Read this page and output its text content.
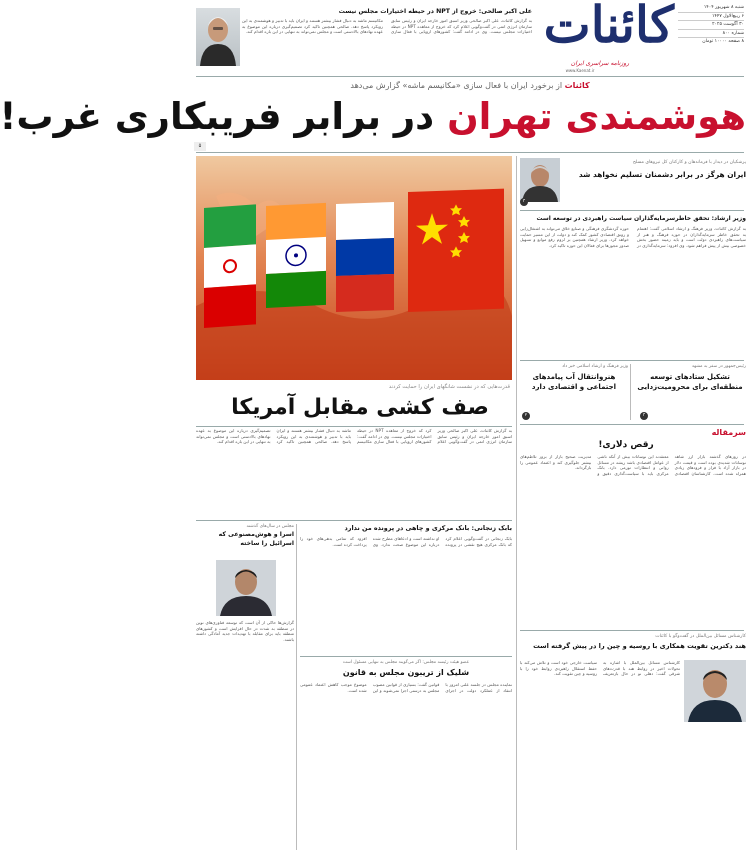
شنبه ۸ شهریور ۱۴۰۴
۶ ربیع‌الاول ۱۴۴۷
۳۰ آگوست ۲۰۲۵
شماره ۸۰۰
۸ صفحه ۱۰۰۰۰ تومان
کائنات
روزنامه سراسری ایران
www.Kaenat.ir
علی اکبر صالحی: خروج از NPT در حیطه اختیارات مجلس نیست
به گزارش کائنات، علی اکبر صالحی وزیر اسبق امور خارجه ایران و رئیس سابق سازمان انرژی اتمی در گفت‌وگویی اعلام کرد که خروج از معاهده NPT در حیطه اختیارات مجلس نیست. وی در ادامه گفت: کشورهای اروپایی با فعال سازی مکانیسم ماشه به دنبال فشار بیشتر هستند و ایران باید با تدبیر و هوشمندی به این رویکرد پاسخ دهد. صالحی همچنین تاکید کرد تصمیم‌گیری درباره این موضوع به عهده نهادهای بالادستی است و مجلس نمی‌تواند به تنهایی در این باره اقدام کند.
کائنات از برخورد ایران با فعال سازی «مکانیسم ماشه» گزارش می‌دهد
هوشمندی تهران در برابر فریبکاری غرب!
۵
قدرت‌هایی که در نشست شانگهای ایران را حمایت کردند
صف کشی مقابل آمریکا
پزشکیان در دیدار با فرماندهان و کارکنان کل نیروهای مسلح
ایران هرگز در برابر دشمنان تسلیم نخواهد شد
۳
وزیر ارشاد: تحقق خاطرسرمایه‌گذاران سیاست راهبردی در توسعه است
به گزارش کائنات، وزیر فرهنگ و ارشاد اسلامی گفت: اهتمام به تحقق خاطر سرمایه‌گذاران در حوزه فرهنگ و هنر از سیاست‌های راهبردی دولت است و باید زمینه حضور بخش خصوصی بیش از پیش فراهم شود. وی افزود: سرمایه‌گذاری در حوزه گردشگری فرهنگی و صنایع خلاق می‌تواند به اشتغال‌زایی و رونق اقتصادی کشور کمک کند و دولت از این مسیر حمایت خواهد کرد. وزیر ارشاد همچنین بر لزوم رفع موانع و تسهیل صدور مجوزها برای فعالان این حوزه تاکید کرد.
رئیس‌جمهور در سفر به مشهد
تشکیل ستادهای توسعه منطقه‌ای برای محرومیت‌زدایی
۳
وزیر فرهنگ و ارشاد اسلامی خبر داد
هنروانتقال آب پیامدهای اجتماعی و اقتصادی دارد
۲
سرمقاله
رقص دلاری!
در روزهای گذشته بازار ارز شاهد نوسانات شدیدی بوده است و قیمت دلار در بازار آزاد با فراز و فرودهای زیادی همراه شده است. کارشناسان اقتصادی معتقدند این نوسانات بیش از آنکه ناشی از عوامل اقتصادی باشد ریشه در مسائل روانی و انتظارات تورمی دارد. بانک مرکزی باید با سیاست‌گذاری دقیق و مدیریت صحیح بازار از بروز تلاطم‌های بیشتر جلوگیری کند و اعتماد عمومی را بازگرداند.
کارشناس مسائل بین‌الملل در گفت‌وگو با کائنات
هند دکترین تقویت همکاری با روسیه و چین را در پیش گرفته است
کارشناس مسائل بین‌الملل با اشاره به تحولات اخیر در روابط هند با قدرت‌های شرقی گفت: دهلی نو در حال بازتعریف سیاست خارجی خود است و تلاش می‌کند با حفظ استقلال راهبردی روابط خود را با روسیه و چین تقویت کند.
به گزارش کائنات، علی اکبر صالحی وزیر اسبق امور خارجه ایران و رئیس سابق سازمان انرژی اتمی در گفت‌وگویی اعلام کرد که خروج از معاهده NPT در حیطه اختیارات مجلس نیست. وی در ادامه گفت: کشورهای اروپایی با فعال سازی مکانیسم ماشه به دنبال فشار بیشتر هستند و ایران باید با تدبیر و هوشمندی به این رویکرد پاسخ دهد. صالحی همچنین تاکید کرد تصمیم‌گیری درباره این موضوع به عهده نهادهای بالادستی است و مجلس نمی‌تواند به تنهایی در این باره اقدام کند.
بابک زنجانی: بانک مرکزی و چاهی در پرونده من ندارد
بابک زنجانی در گفت‌وگویی اعلام کرد که بانک مرکزی هیچ نقشی در پرونده او نداشته است و ادعاهای مطرح شده درباره این موضوع صحت ندارد. وی افزود که تمامی بدهی‌های خود را پرداخت کرده است.
مجلس در سال‌های گذشته
اسرا و هوش‌مصنوعی که اسرائیل را ساخته
گزارش‌ها حاکی از آن است که توسعه فناوری‌های نوین در منطقه به شدت در حال افزایش است و کشورهای منطقه باید برای مقابله با تهدیدات جدید آمادگی داشته باشند.
عضو هیئت رئیسه مجلس: اگر می‌گویند مجلس به تنهایی مسئول است
شلیک از تریبون مجلس به قانون
نماینده مجلس در جلسه علنی امروز با انتقاد از عملکرد دولت در اجرای قوانین گفت: بسیاری از قوانین مصوب مجلس به درستی اجرا نمی‌شوند و این موضوع موجب کاهش اعتماد عمومی شده است.
